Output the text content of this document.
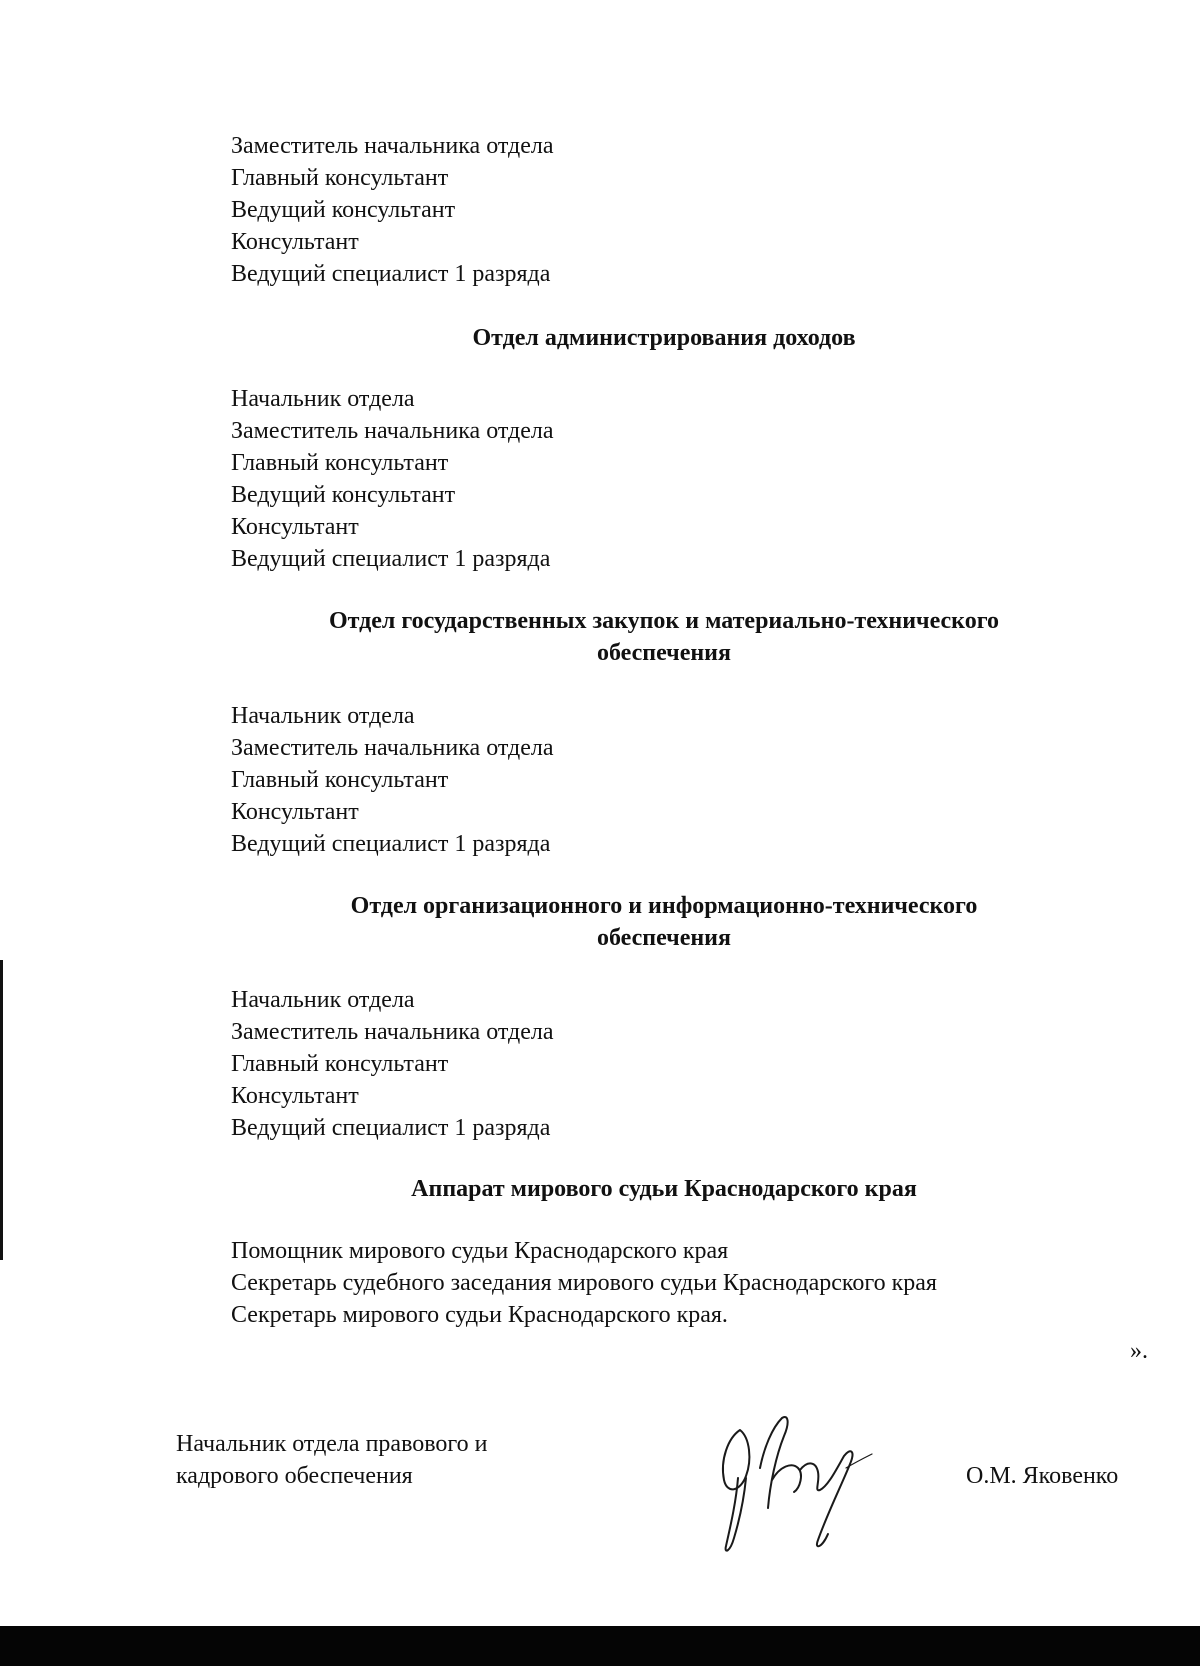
Заместитель начальника отдела
Главный консультант
Ведущий консультант
Консультант
Ведущий специалист 1 разряда
Отдел администрирования доходов
Начальник отдела
Заместитель начальника отдела
Главный консультант
Ведущий консультант
Консультант
Ведущий специалист 1 разряда
Отдел государственных закупок и материально-технического
обеспечения
Начальник отдела
Заместитель начальника отдела
Главный консультант
Консультант
Ведущий специалист 1 разряда
Отдел организационного и информационно-технического
обеспечения
Начальник отдела
Заместитель начальника отдела
Главный консультант
Консультант
Ведущий специалист 1 разряда
Аппарат мирового судьи Краснодарского края
Помощник мирового судьи Краснодарского края
Секретарь судебного заседания мирового судьи Краснодарского края
Секретарь мирового судьи Краснодарского края.
».
Начальник отдела правового и
кадрового обеспечения	О.М. Яковенко
